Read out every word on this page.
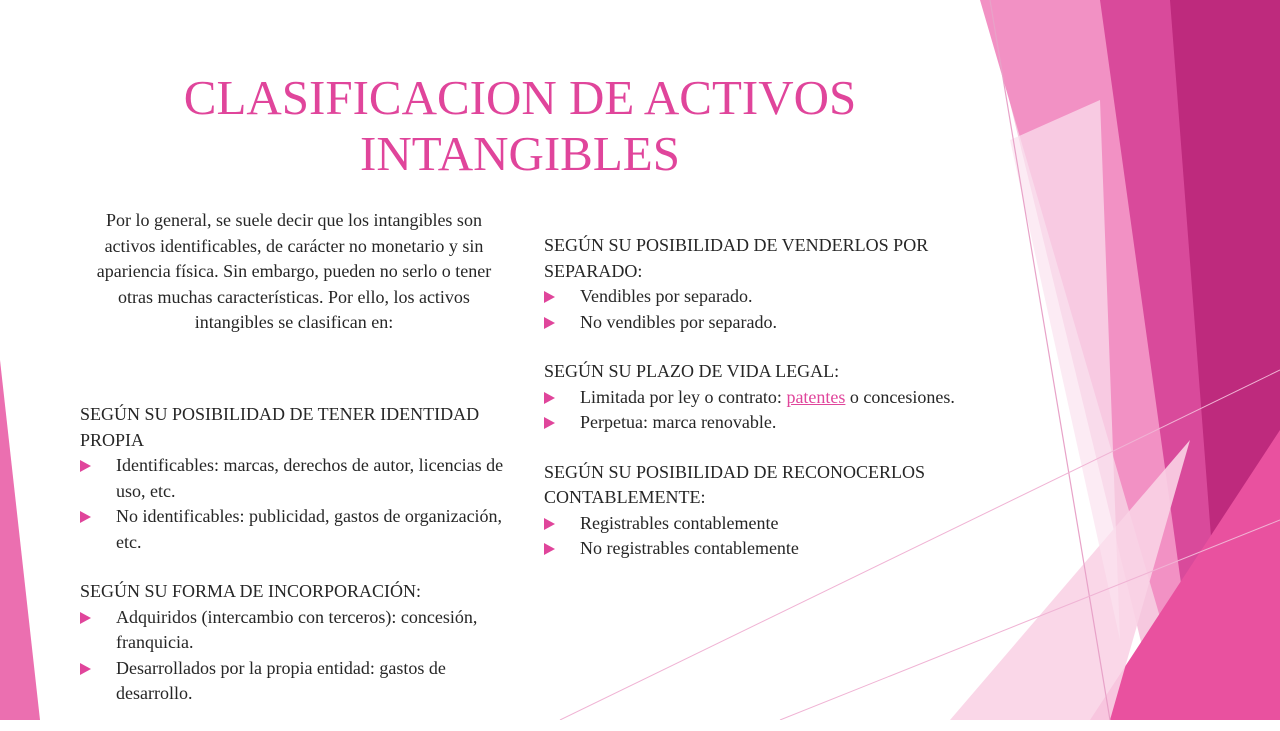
CLASIFICACION DE ACTIVOS INTANGIBLES

Por lo general, se suele decir que los intangibles son activos identificables, de carácter no monetario y sin apariencia física. Sin embargo, pueden no serlo o tener otras muchas características. Por ello, los activos intangibles se clasifican en:

SEGÚN SU POSIBILIDAD DE TENER IDENTIDAD PROPIA

Identificables: marcas, derechos de autor, licencias de uso, etc.
No identificables: publicidad, gastos de organización, etc.

SEGÚN SU FORMA DE INCORPORACIÓN:

Adquiridos (intercambio con terceros): concesión, franquicia.
Desarrollados por la propia entidad: gastos de desarrollo.

SEGÚN SU POSIBILIDAD DE VENDERLOS POR SEPARADO:

Vendibles por separado.
No vendibles por separado.

SEGÚN SU PLAZO DE VIDA LEGAL:

Limitada por ley o contrato: patentes o concesiones.
Perpetua: marca renovable.

SEGÚN SU POSIBILIDAD DE RECONOCERLOS CONTABLEMENTE:

Registrables contablemente
No registrables contablemente
